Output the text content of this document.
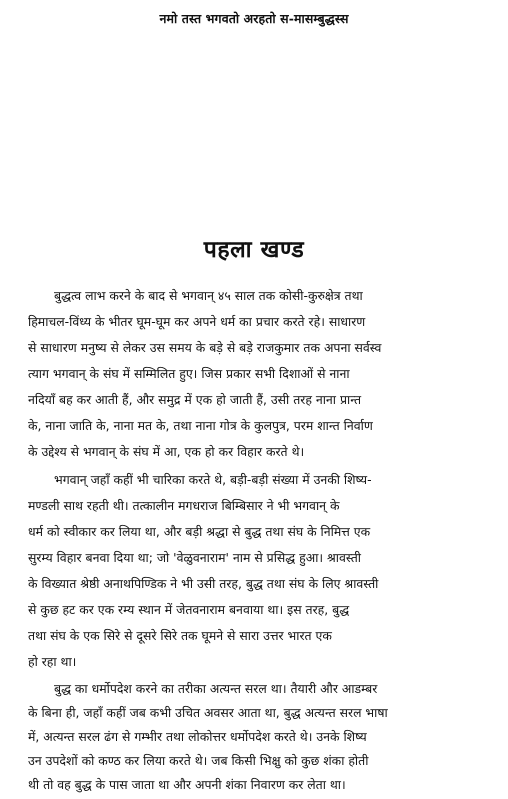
नमो तस्त भगवतो अरहतो स-मासम्बुद्धस्स
पहला खण्ड
बुद्धत्व लाभ करने के बाद से भगवान् ४५ साल तक कोसी-कुरुक्षेत्र तथा
हिमाचल-विंध्य के भीतर घूम-घूम कर अपने धर्म का प्रचार करते रहे। साधारण
से साधारण मनुष्य से लेकर उस समय के बड़े से बड़े राजकुमार तक अपना सर्वस्व
त्याग भगवान् के संघ में सम्मिलित हुए। जिस प्रकार सभी दिशाओं से नाना
नदियाँ बह कर आती हैं, और समुद्र में एक हो जाती हैं, उसी तरह नाना प्रान्त
के, नाना जाति के, नाना मत के, तथा नाना गोत्र के कुलपुत्र, परम शान्त निर्वाण
के उद्देश्य से भगवान् के संघ में आ, एक हो कर विहार करते थे।
भगवान् जहाँ कहीं भी चारिका करते थे, बड़ी-बड़ी संख्या में उनकी शिष्य-
मण्डली साथ रहती थी। तत्कालीन मगधराज बिम्बिसार ने भी भगवान् के
धर्म को स्वीकार कर लिया था, और बड़ी श्रद्धा से बुद्ध तथा संघ के निमित्त एक
सुरम्य विहार बनवा दिया था; जो 'वेळुवनाराम' नाम से प्रसिद्ध हुआ। श्रावस्ती
के विख्यात श्रेष्ठी अनाथपिण्डिक ने भी उसी तरह, बुद्ध तथा संघ के लिए श्रावस्ती
से कुछ हट कर एक रम्य स्थान में जेतवनाराम बनवाया था। इस तरह, बुद्ध
तथा संघ के एक सिरे से दूसरे सिरे तक घूमने से सारा उत्तर भारत एक
हो रहा था।
बुद्ध का धर्मोपदेश करने का तरीका अत्यन्त सरल था। तैयारी और आडम्बर
के बिना ही, जहाँ कहीं जब कभी उचित अवसर आता था, बुद्ध अत्यन्त सरल भाषा
में, अत्यन्त सरल ढंग से गम्भीर तथा लोकोत्तर धर्मोपदेश करते थे। उनके शिष्य
उन उपदेशों को कण्ठ कर लिया करते थे। जब किसी भिक्षु को कुछ शंका होती
थी तो वह बुद्ध के पास जाता था और अपनी शंका निवारण कर लेता था।
